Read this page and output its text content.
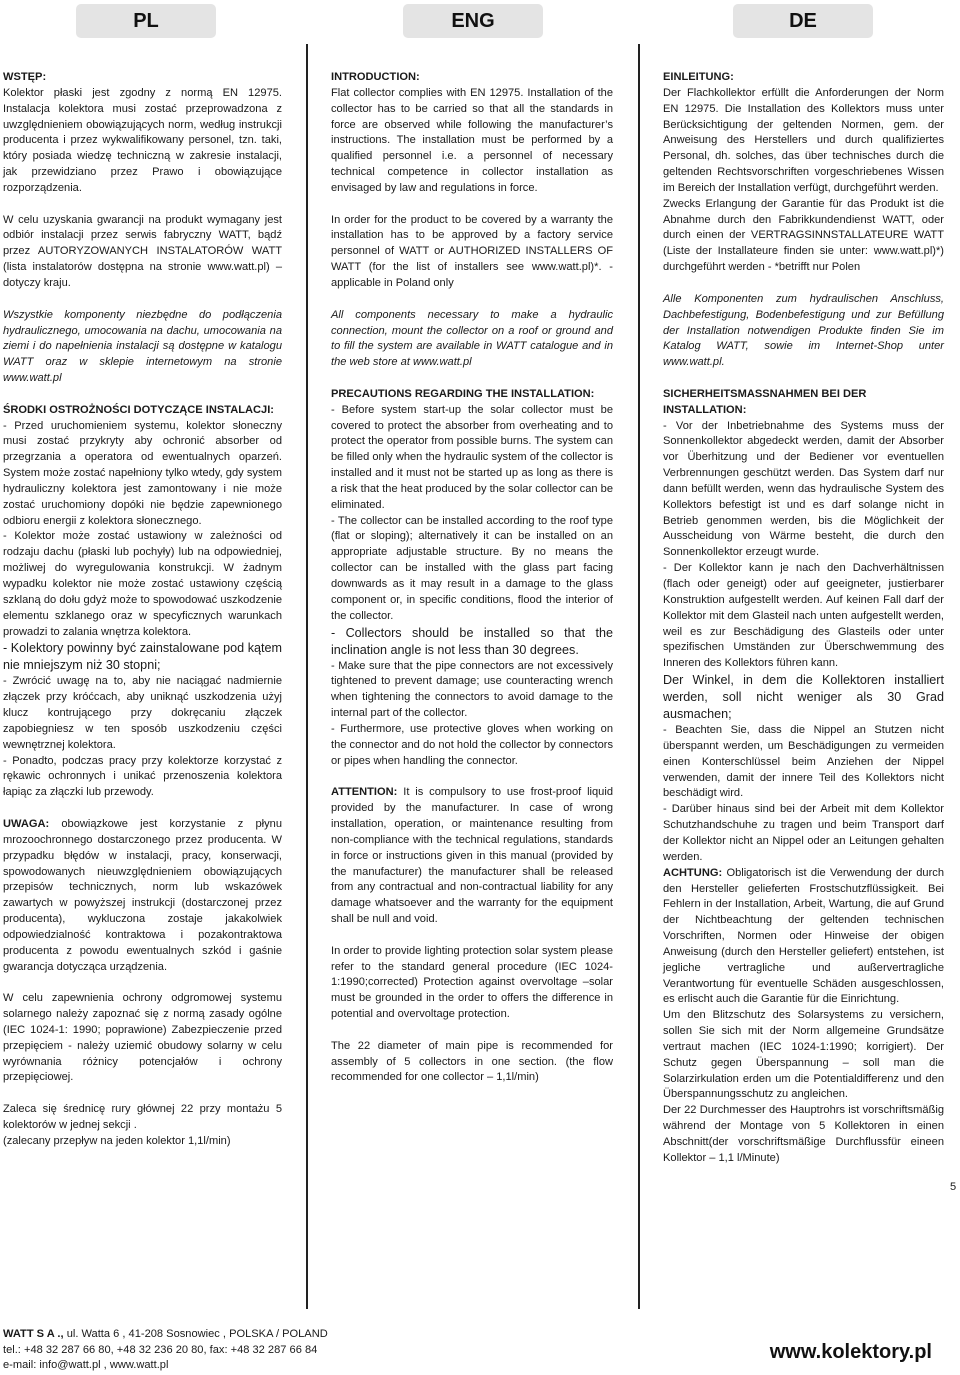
PL	ENG	DE
WSTĘP:

Kolektor płaski jest zgodny z normą EN 12975. Instalacja kolektora musi zostać przeprowadzona z uwzględnieniem obowiązujących norm, według instrukcji producenta i przez wykwalifikowany personel, tzn. taki, który posiada wiedzę techniczną w zakresie instalacji, jak przewidziano przez Prawo i obowiązujące rozporządzenia.

W celu uzyskania gwarancji na produkt wymagany jest odbiór instalacji przez serwis fabryczny WATT, bądź przez AUTORYZOWANYCH INSTALATORÓW WATT (lista instalatorów dostępna na stronie www.watt.pl) – dotyczy kraju.

Wszystkie komponenty niezbędne do podłączenia hydraulicznego, umocowania na dachu, umocowania na ziemi i do napełnienia instalacji są dostępne w katalogu WATT oraz w sklepie internetowym na stronie www.watt.pl

ŚRODKI OSTROŻNOŚCI DOTYCZĄCE INSTALACJI:

- Przed uruchomieniem systemu, kolektor słoneczny musi zostać przykryty aby ochronić absorber od przegrzania a operatora od ewentualnych oparzeń. System może zostać napełniony tylko wtedy, gdy system hydrauliczny kolektora jest zamontowany i nie może zostać uruchomiony dopóki nie będzie zapewnionego odbioru energii z kolektora słonecznego.

- Kolektor może zostać ustawiony w zależności od rodzaju dachu (płaski lub pochyły) lub na odpowiedniej, możliwej do wyregulowania konstrukcji. W żadnym wypadku kolektor nie może zostać ustawiony częścią szklaną do dołu gdyż może to spowodować uszkodzenie elementu szklanego oraz w specyficznych warunkach prowadzi to zalania wnętrza kolektora.

- Kolektory powinny być zainstalowane pod kątem nie mniejszym niż 30 stopni;

- Zwrócić uwagę na to, aby nie naciągać nadmiernie złączek przy króćcach, aby uniknąć uszkodzenia użyj klucz kontrującego przy dokręcaniu złączek zapobiegniesz w ten sposób uszkodzeniu części wewnętrznej kolektora.

- Ponadto, podczas pracy przy kolektorze korzystać z rękawic ochronnych i unikać przenoszenia kolektora łapiąc za złączki lub przewody.

UWAGA: obowiązkowe jest korzystanie z płynu mrozoochronnego dostarczonego przez producenta. W przypadku błędów w instalacji, pracy, konserwacji, spowodowanych nieuwzględnieniem obowiązujących przepisów technicznych, norm lub wskazówek zawartych w powyższej instrukcji (dostarczonej przez producenta), wykluczona zostaje jakakolwiek odpowiedzialność kontraktowa i pozakontraktowa producenta z powodu ewentualnych szkód i gaśnie gwarancja dotycząca urządzenia.

W celu zapewnienia ochrony odgromowej systemu solarnego należy zapoznać się z normą zasady ogólne (IEC 1024-1: 1990; poprawione) Zabezpieczenie przed przepięciem - należy uziemić obudowy solarny w celu wyrównania różnicy potencjałów i ochrony przepięciowej.

Zaleca się średnicę rury głównej 22 przy montażu 5 kolektorów w jednej sekcji .

(zalecany przepływ na jeden kolektor 1,1l/min)

INTRODUCTION:

Flat collector complies with EN 12975. Installation of the collector has to be carried so that all the standards in force are observed while following the manufacturer’s instructions. The installation must be performed by a qualified personnel i.e. a personnel of necessary technical competence in collector installation as envisaged by law and regulations in force.

In order for the product to be covered by a warranty the installation has to be approved by a factory service personnel of WATT or AUTHORIZED INSTALLERS OF WATT (for the list of installers see www.watt.pl)*. - applicable in Poland only

All components necessary to make a hydraulic connection, mount the collector on a roof or ground and to fill the system are available in WATT catalogue and in the web store at www.watt.pl

PRECAUTIONS REGARDING THE INSTALLATION:

- Before system start-up the solar collector must be covered to protect the absorber from overheating and to protect the operator from possible burns. The system can be filled only when the hydraulic system of the collector is installed and it must not be started up as long as there is a risk that the heat produced by the solar collector can be eliminated.

- The collector can be installed according to the roof type (flat or sloping); alternatively it can be installed on an appropriate adjustable structure. By no means the collector can be installed with the glass part facing downwards as it may result in a damage to the glass component or, in specific conditions, flood the interior of the collector.

- Collectors should be installed so that the inclination angle is not less than 30 degrees.

- Make sure that the pipe connectors are not excessively tightened to prevent damage; use counteracting wrench when tightening the connectors to avoid damage to the internal part of the collector.

- Furthermore, use protective gloves when working on the connector and do not hold the collector by connectors or pipes when handling the connector.

ATTENTION: It is compulsory to use frost-proof liquid provided by the manufacturer. In case of wrong installation, operation, or maintenance resulting from non-compliance with the technical regulations, standards in force or instructions given in this manual (provided by the manufacturer) the manufacturer shall be released from any contractual and non-contractual liability for any damage whatsoever and the warranty for the equipment shall be null and void.

In order to provide lighting protection solar system please refer to the standard general procedure (IEC 1024-1:1990;corrected) Protection against overvoltage –solar must be grounded in the order to offers the difference in potential and overvoltage protection.

The 22 diameter of main pipe is recommended for assembly of 5 collectors in one section. (the flow recommended for one collector – 1,1l/min)

EINLEITUNG:

Der Flachkollektor erfüllt die Anforderungen der Norm EN 12975. Die Installation des Kollektors muss unter Berücksichtigung der geltenden Normen, gem. der Anweisung des Herstellers und durch qualifiziertes Personal, dh. solches, das über technisches durch die geltenden Rechtsvorschriften vorgeschriebenes Wissen im Bereich der Installation verfügt, durchgeführt werden.

Zwecks Erlangung der Garantie für das Produkt ist die Abnahme durch den Fabrikkundendienst WATT, oder durch einen der VERTRAGSINNSTALLATEURE WATT (Liste der Installateure finden sie unter: www.watt.pl)*) durchgeführt werden - *betrifft nur Polen

Alle Komponenten zum hydraulischen Anschluss, Dachbefestigung, Bodenbefestigung und zur Befüllung der Installation notwendigen Produkte finden Sie im Katalog WATT, sowie im Internet-Shop unter www.watt.pl.

SICHERHEITSMASSNAHMEN BEI DER INSTALLATION:

- Vor der Inbetriebnahme des Systems muss der Sonnenkollektor abgedeckt werden, damit der Absorber vor Überhitzung und der Bediener vor eventuellen Verbrennungen geschützt werden. Das System darf nur dann befüllt werden, wenn das hydraulische System des Kollektors befestigt ist und es darf solange nicht in Betrieb genommen werden, bis die Möglichkeit der Ausscheidung von Wärme besteht, die durch den Sonnenkollektor erzeugt wurde.

- Der Kollektor kann je nach den Dachverhältnissen (flach oder geneigt) oder auf geeigneter, justierbarer Konstruktion aufgestellt werden. Auf keinen Fall darf der Kollektor mit dem Glasteil nach unten aufgestellt werden, weil es zur Beschädigung des Glasteils oder unter spezifischen Umständen zur Überschwemmung des Inneren des Kollektors führen kann.

Der Winkel, in dem die Kollektoren installiert werden, soll nicht weniger als 30 Grad ausmachen;

- Beachten Sie, dass die Nippel an Stutzen nicht überspannt werden, um Beschädigungen zu vermeiden einen Konterschlüssel beim Anziehen der Nippel verwenden, damit der innere Teil des Kollektors nicht beschädigt wird.

- Darüber hinaus sind bei der Arbeit mit dem Kollektor Schutzhandschuhe zu tragen und beim Transport darf der Kollektor nicht an Nippel oder an Leitungen gehalten werden.

ACHTUNG: Obligatorisch ist die Verwendung der durch den Hersteller gelieferten Frostschutzflüssigkeit. Bei Fehlern in der Installation, Arbeit, Wartung, die auf Grund der Nichtbeachtung der geltenden technischen Vorschriften, Normen oder Hinweise der obigen Anweisung (durch den Hersteller geliefert) entstehen, ist jegliche vertragliche und außervertragliche Verantwortung für eventuelle Schäden ausgeschlossen, es erlischt auch die Garantie für die Einrichtung.

Um den Blitzschutz des Solarsystems zu versichern, sollen Sie sich mit der Norm allgemeine Grundsätze vertraut machen (IEC 1024-1:1990; korrigiert). Der Schutz gegen Überspannung – soll man die Solarzirkulation erden um die Potentialdifferenz und den Überspannungsschutz zu angleichen.

Der 22 Durchmesser des Hauptrohrs ist vorschriftsmäßig während der Montage von 5 Kollektoren in einen Abschnitt(der vorschriftsmäßige Durchflussfür eineen Kollektor – 1,1 l/Minute)

5
WATT S A ., ul. Watta 6 , 41-208 Sosnowiec , POLSKA / POLAND
tel.: +48 32 287 66 80, +48 32 236 20 80, fax: +48 32 287 66 84
e-mail: info@watt.pl , www.watt.pl
www.kolektory.pl
